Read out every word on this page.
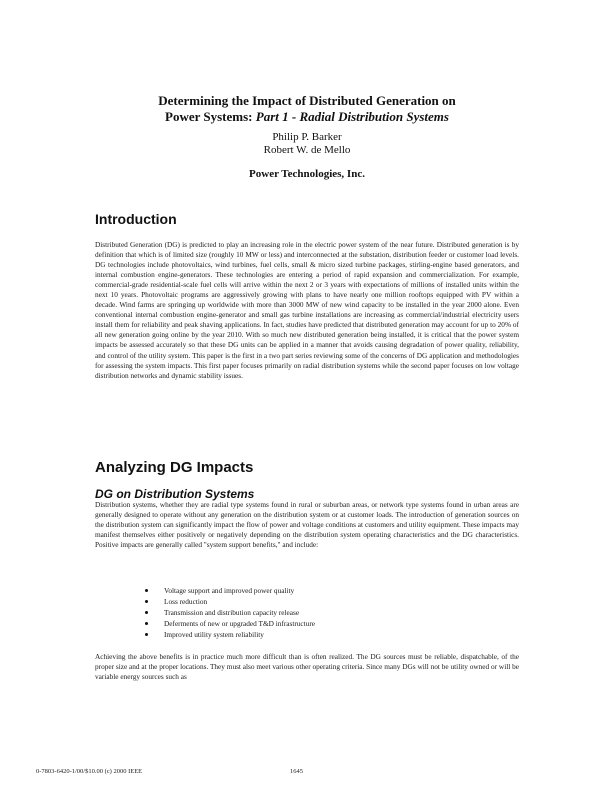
Determining the Impact of Distributed Generation on
Power Systems: Part 1 - Radial Distribution Systems
Philip P. Barker
Robert W. de Mello
Power Technologies, Inc.
Introduction

Distributed Generation (DG) is predicted to play an increasing role in the electric power system of the near future. Distributed generation is by definition that which is of limited size (roughly 10 MW or less) and interconnected at the substation, distribution feeder or customer load levels. DG technologies include photovoltaics, wind turbines, fuel cells, small & micro sized turbine packages, stirling-engine based generators, and internal combustion engine-generators. These technologies are entering a period of rapid expansion and commercialization. For example, commercial-grade residential-scale fuel cells will arrive within the next 2 or 3 years with expectations of millions of installed units within the next 10 years. Photovoltaic programs are aggressively growing with plans to have nearly one million rooftops equipped with PV within a decade. Wind farms are springing up worldwide with more than 3000 MW of new wind capacity to be installed in the year 2000 alone. Even conventional internal combustion engine-generator and small gas turbine installations are increasing as commercial/industrial electricity users install them for reliability and peak shaving applications. In fact, studies have predicted that distributed generation may account for up to 20% of all new generation going online by the year 2010. With so much new distributed generation being installed, it is critical that the power system impacts be assessed accurately so that these DG units can be applied in a manner that avoids causing degradation of power quality, reliability, and control of the utility system. This paper is the first in a two part series reviewing some of the concerns of DG application and methodologies for assessing the system impacts. This first paper focuses primarily on radial distribution systems while the second paper focuses on low voltage distribution networks and dynamic stability issues.

Analyzing DG Impacts
DG on Distribution Systems

Distribution systems, whether they are radial type systems found in rural or suburban areas, or network type systems found in urban areas are generally designed to operate without any generation on the distribution system or at customer loads. The introduction of generation sources on the distribution system can significantly impact the flow of power and voltage conditions at customers and utility equipment. These impacts may manifest themselves either positively or negatively depending on the distribution system operating characteristics and the DG characteristics. Positive impacts are generally called "system support benefits," and include:

Voltage support and improved power quality
Loss reduction
Transmission and distribution capacity release
Deferments of new or upgraded T&D infrastructure
Improved utility system reliability

Achieving the above benefits is in practice much more difficult than is often realized. The DG sources must be reliable, dispatchable, of the proper size and at the proper locations. They must also meet various other operating criteria. Since many DGs will not be utility owned or will be variable energy sources such as

0-7803-6420-1/00/$10.00 (c) 2000 IEEE	1645
